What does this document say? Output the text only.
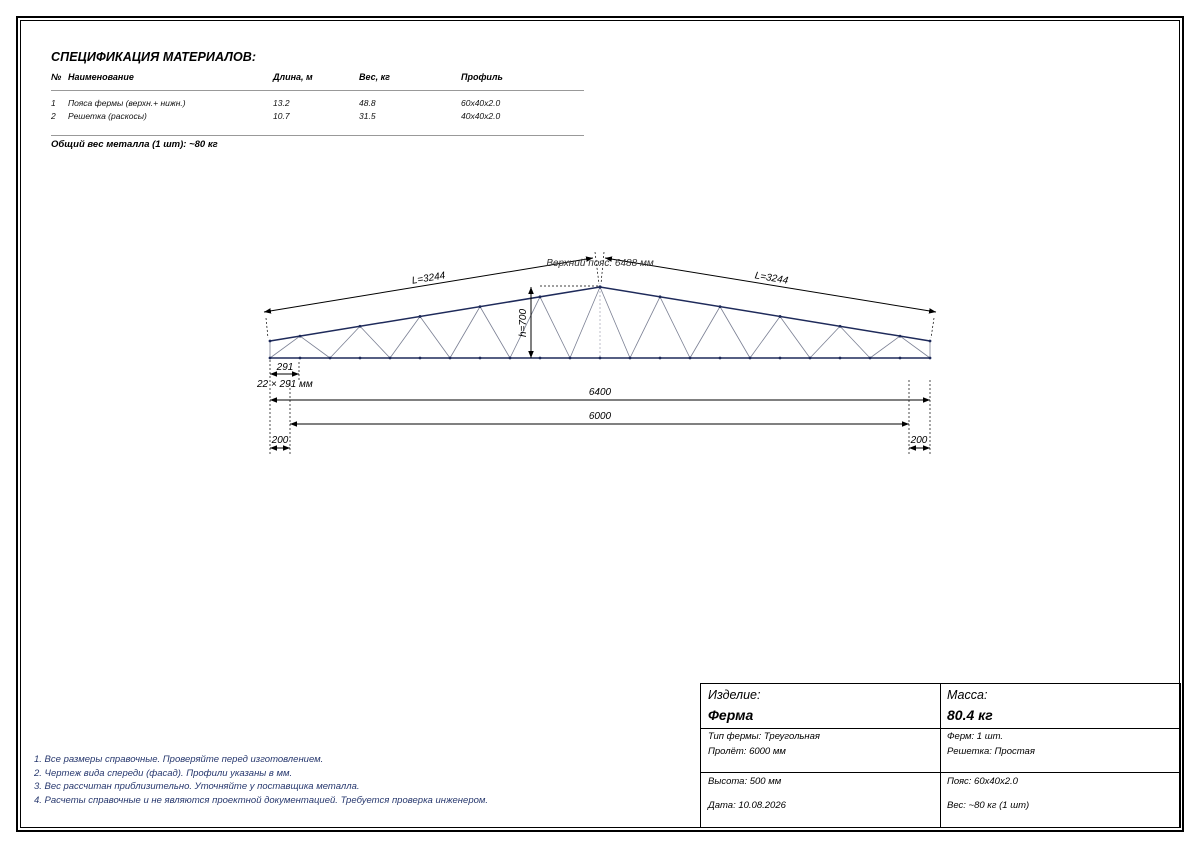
СПЕЦИФИКАЦИЯ МАТЕРИАЛОВ:
№	Наименование	Длина, м	Вес, кг	Профиль
1	Пояса фермы (верхн.+ нижн.)	13.2	48.8	60x40x2.0
2	Решетка (раскосы)	10.7	31.5	40x40x2.0
Общий вес металла (1 шт): ~80 кг
L=3244	L=3244
Верхний пояс: 6488 мм
h=700
291
22 × 291 мм
6400
6000
200	200
1. Все размеры справочные. Проверяйте перед изготовлением.
2. Чертеж вида спереди (фасад). Профили указаны в мм.
3. Вес рассчитан приблизительно. Уточняйте у поставщика металла.
4. Расчеты справочные и не являются проектной документацией. Требуется проверка инженером.
Изделие:
Ферма
Масса:
80.4 кг
Тип фермы: Треугольная
Пролёт: 6000 мм
Ферм: 1 шт.
Решетка: Простая
Высота: 500 мм
Дата: 10.08.2026
Пояс: 60x40x2.0
Вес: ~80 кг (1 шт)
